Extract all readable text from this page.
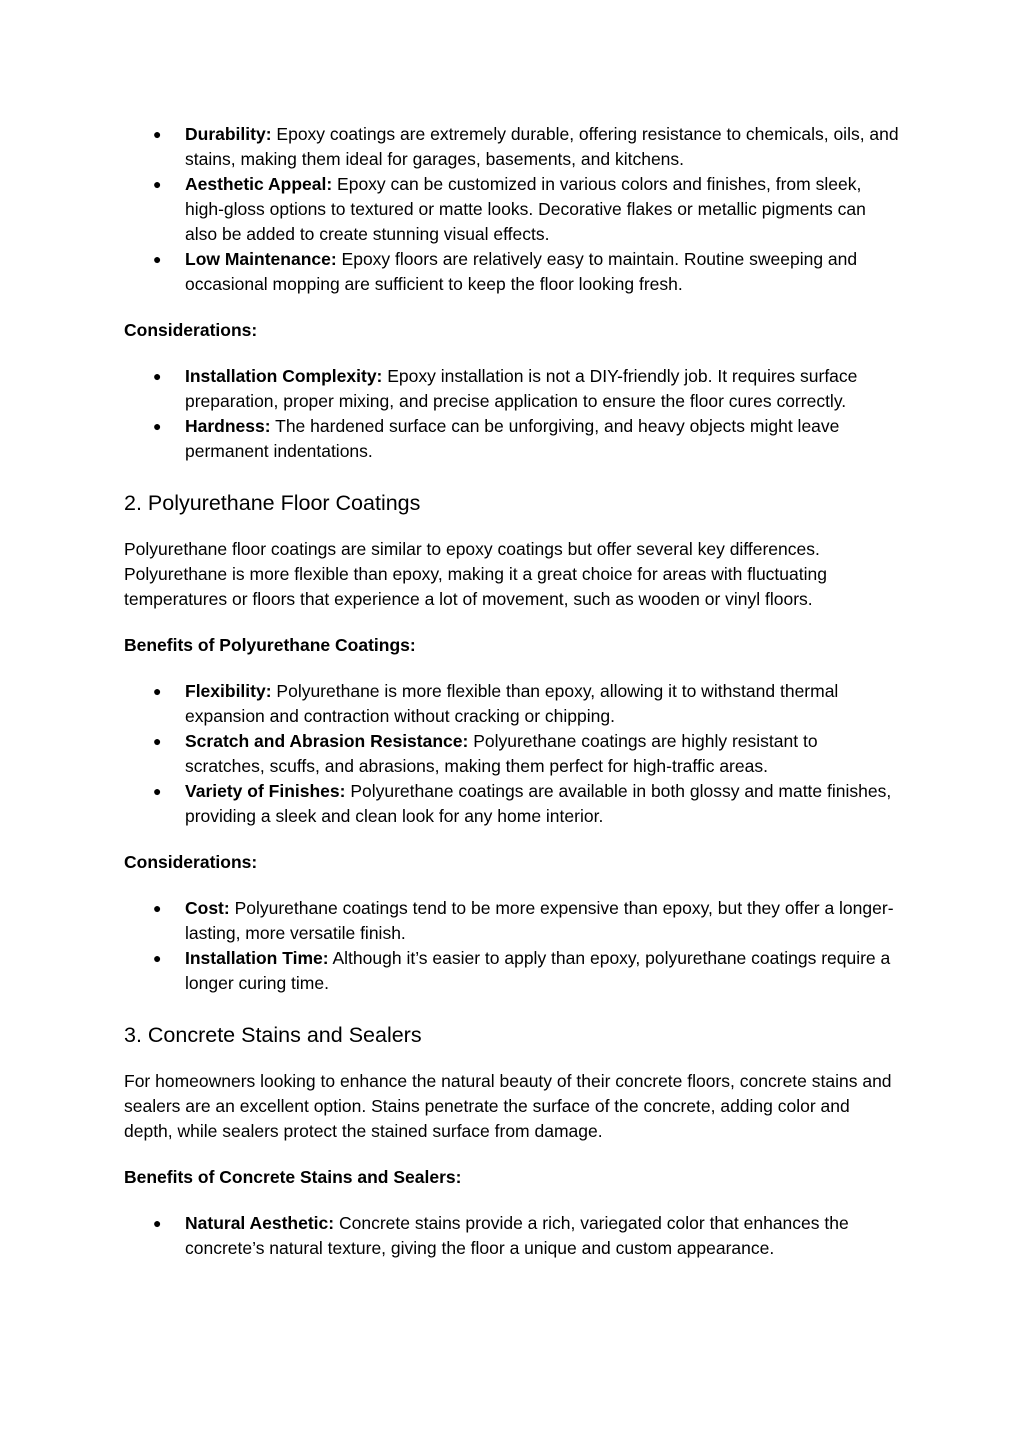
● Durability: Epoxy coatings are extremely durable, offering resistance to chemicals, oils, and stains, making them ideal for garages, basements, and kitchens.
● Aesthetic Appeal: Epoxy can be customized in various colors and finishes, from sleek, high-gloss options to textured or matte looks. Decorative flakes or metallic pigments can also be added to create stunning visual effects.
● Low Maintenance: Epoxy floors are relatively easy to maintain. Routine sweeping and occasional mopping are sufficient to keep the floor looking fresh.

Considerations:

● Installation Complexity: Epoxy installation is not a DIY-friendly job. It requires surface preparation, proper mixing, and precise application to ensure the floor cures correctly.
● Hardness: The hardened surface can be unforgiving, and heavy objects might leave permanent indentations.

2. Polyurethane Floor Coatings

Polyurethane floor coatings are similar to epoxy coatings but offer several key differences. Polyurethane is more flexible than epoxy, making it a great choice for areas with fluctuating temperatures or floors that experience a lot of movement, such as wooden or vinyl floors.

Benefits of Polyurethane Coatings:

● Flexibility: Polyurethane is more flexible than epoxy, allowing it to withstand thermal expansion and contraction without cracking or chipping.
● Scratch and Abrasion Resistance: Polyurethane coatings are highly resistant to scratches, scuffs, and abrasions, making them perfect for high-traffic areas.
● Variety of Finishes: Polyurethane coatings are available in both glossy and matte finishes, providing a sleek and clean look for any home interior.

Considerations:

● Cost: Polyurethane coatings tend to be more expensive than epoxy, but they offer a longer-lasting, more versatile finish.
● Installation Time: Although it’s easier to apply than epoxy, polyurethane coatings require a longer curing time.

3. Concrete Stains and Sealers

For homeowners looking to enhance the natural beauty of their concrete floors, concrete stains and sealers are an excellent option. Stains penetrate the surface of the concrete, adding color and depth, while sealers protect the stained surface from damage.

Benefits of Concrete Stains and Sealers:

● Natural Aesthetic: Concrete stains provide a rich, variegated color that enhances the concrete’s natural texture, giving the floor a unique and custom appearance.
